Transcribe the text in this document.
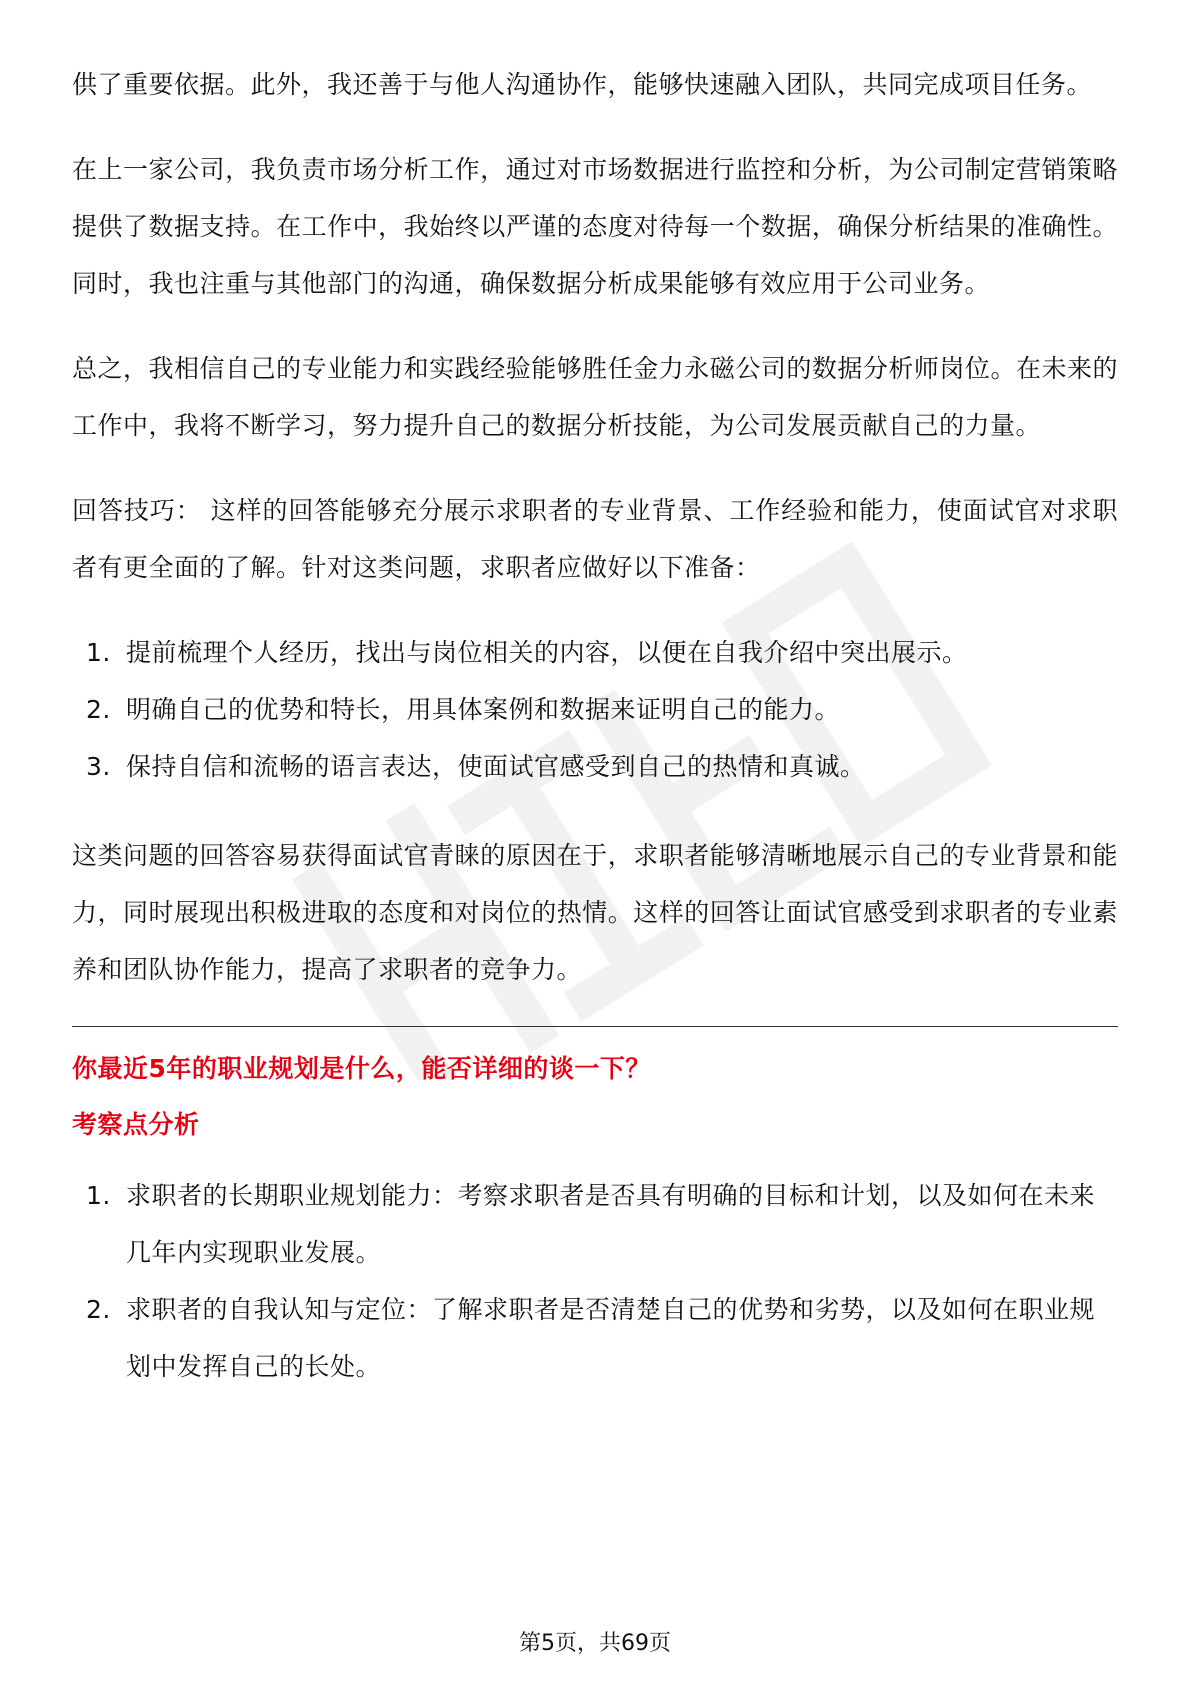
供了重要依据。此外，我还善于与他人沟通协作，能够快速融入团队，共同完成项目任务。

在上一家公司，我负责市场分析工作，通过对市场数据进行监控和分析，为公司制定营销策略提供了数据支持。在工作中，我始终以严谨的态度对待每一个数据，确保分析结果的准确性。同时，我也注重与其他部门的沟通，确保数据分析成果能够有效应用于公司业务。

总之，我相信自己的专业能力和实践经验能够胜任金力永磁公司的数据分析师岗位。在未来的工作中，我将不断学习，努力提升自己的数据分析技能，为公司发展贡献自己的力量。

回答技巧： 这样的回答能够充分展示求职者的专业背景、工作经验和能力，使面试官对求职者有更全面的了解。针对这类问题，求职者应做好以下准备：

1. 提前梳理个人经历，找出与岗位相关的内容，以便在自我介绍中突出展示。
2. 明确自己的优势和特长，用具体案例和数据来证明自己的能力。
3. 保持自信和流畅的语言表达，使面试官感受到自己的热情和真诚。

这类问题的回答容易获得面试官青睐的原因在于，求职者能够清晰地展示自己的专业背景和能力，同时展现出积极进取的态度和对岗位的热情。这样的回答让面试官感受到求职者的专业素养和团队协作能力，提高了求职者的竞争力。

你最近5年的职业规划是什么，能否详细的谈一下？

考察点分析

1. 求职者的长期职业规划能力：考察求职者是否具有明确的目标和计划，以及如何在未来几年内实现职业发展。
2. 求职者的自我认知与定位：了解求职者是否清楚自己的优势和劣势，以及如何在职业规划中发挥自己的长处。
第5页，共69页
